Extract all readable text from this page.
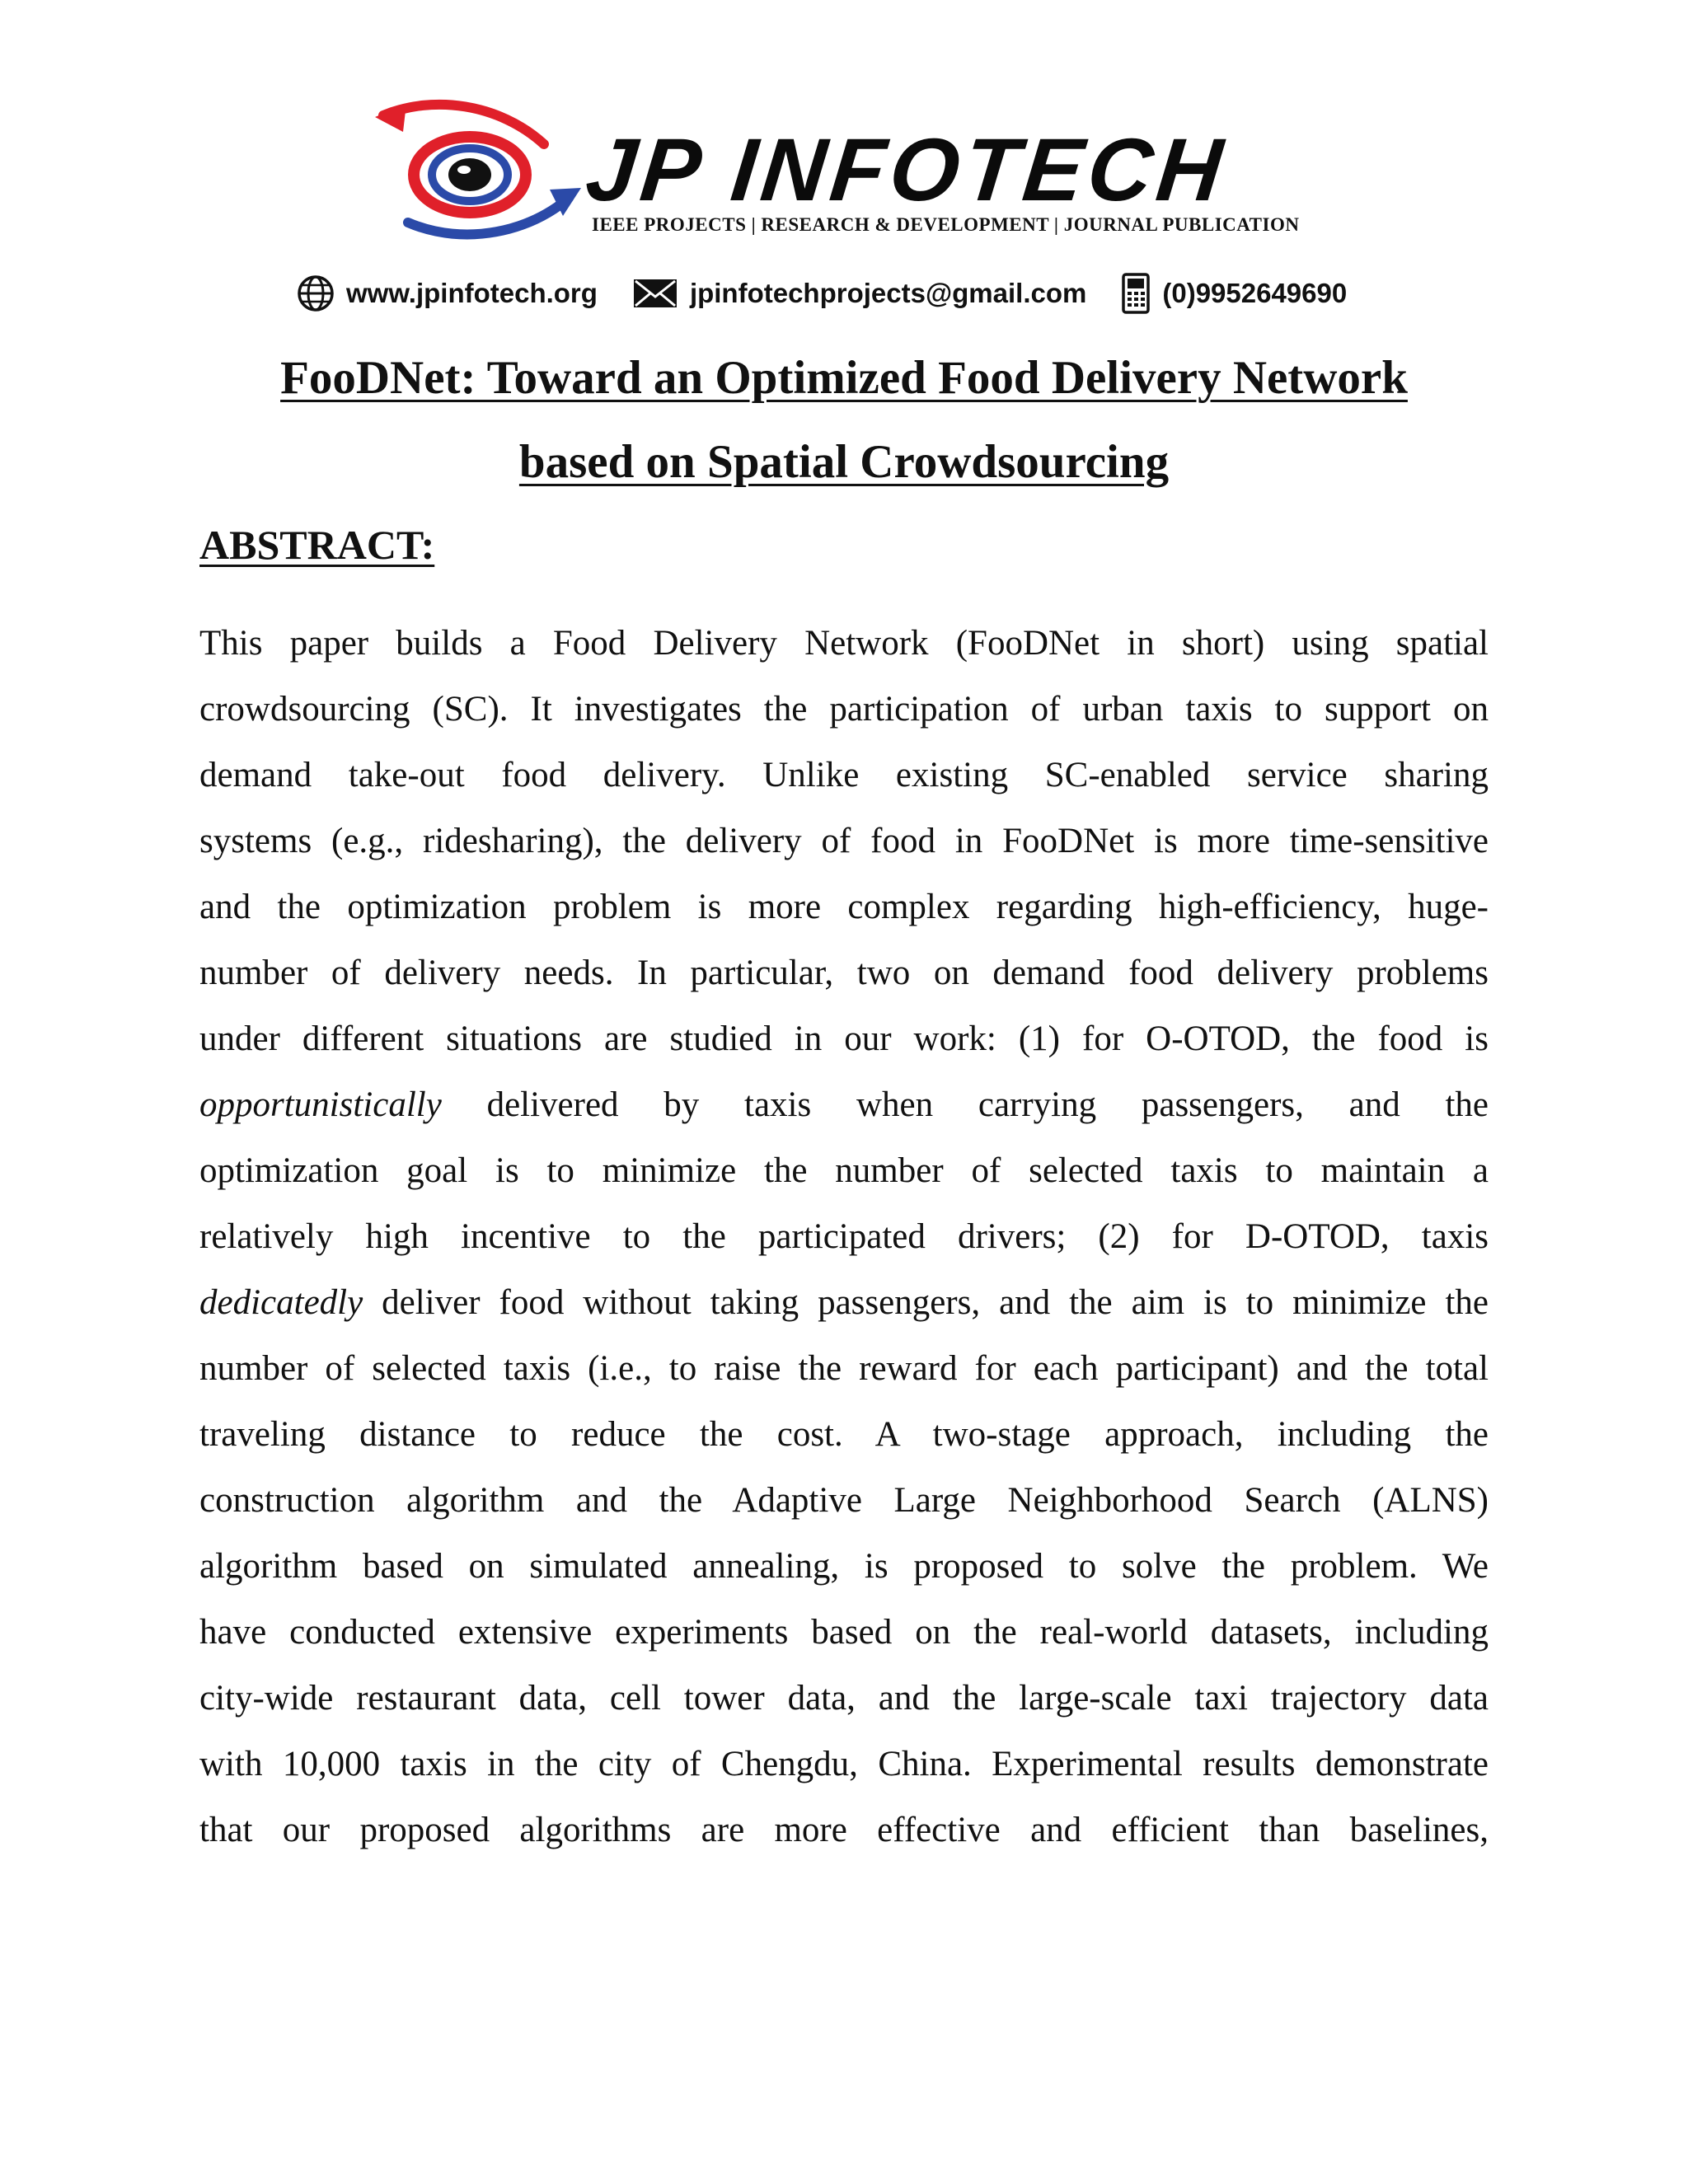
JP INFOTECH
IEEE PROJECTS | RESEARCH & DEVELOPMENT | JOURNAL PUBLICATION
www.jpinfotech.org	jpinfotechprojects@gmail.com	(0)9952649690
FooDNet: Toward an Optimized Food Delivery Network
based on Spatial Crowdsourcing
ABSTRACT:
This paper builds a Food Delivery Network (FooDNet in short) using spatial
crowdsourcing (SC). It investigates the participation of urban taxis to support on
demand take-out food delivery. Unlike existing SC-enabled service sharing
systems (e.g., ridesharing), the delivery of food in FooDNet is more time-sensitive
and the optimization problem is more complex regarding high-efficiency, huge-
number of delivery needs. In particular, two on demand food delivery problems
under different situations are studied in our work: (1) for O-OTOD, the food is
opportunistically delivered by taxis when carrying passengers, and the
optimization goal is to minimize the number of selected taxis to maintain a
relatively high incentive to the participated drivers; (2) for D-OTOD, taxis
dedicatedly deliver food without taking passengers, and the aim is to minimize the
number of selected taxis (i.e., to raise the reward for each participant) and the total
traveling distance to reduce the cost. A two-stage approach, including the
construction algorithm and the Adaptive Large Neighborhood Search (ALNS)
algorithm based on simulated annealing, is proposed to solve the problem. We
have conducted extensive experiments based on the real-world datasets, including
city-wide restaurant data, cell tower data, and the large-scale taxi trajectory data
with 10,000 taxis in the city of Chengdu, China. Experimental results demonstrate
that our proposed algorithms are more effective and efficient than baselines,
